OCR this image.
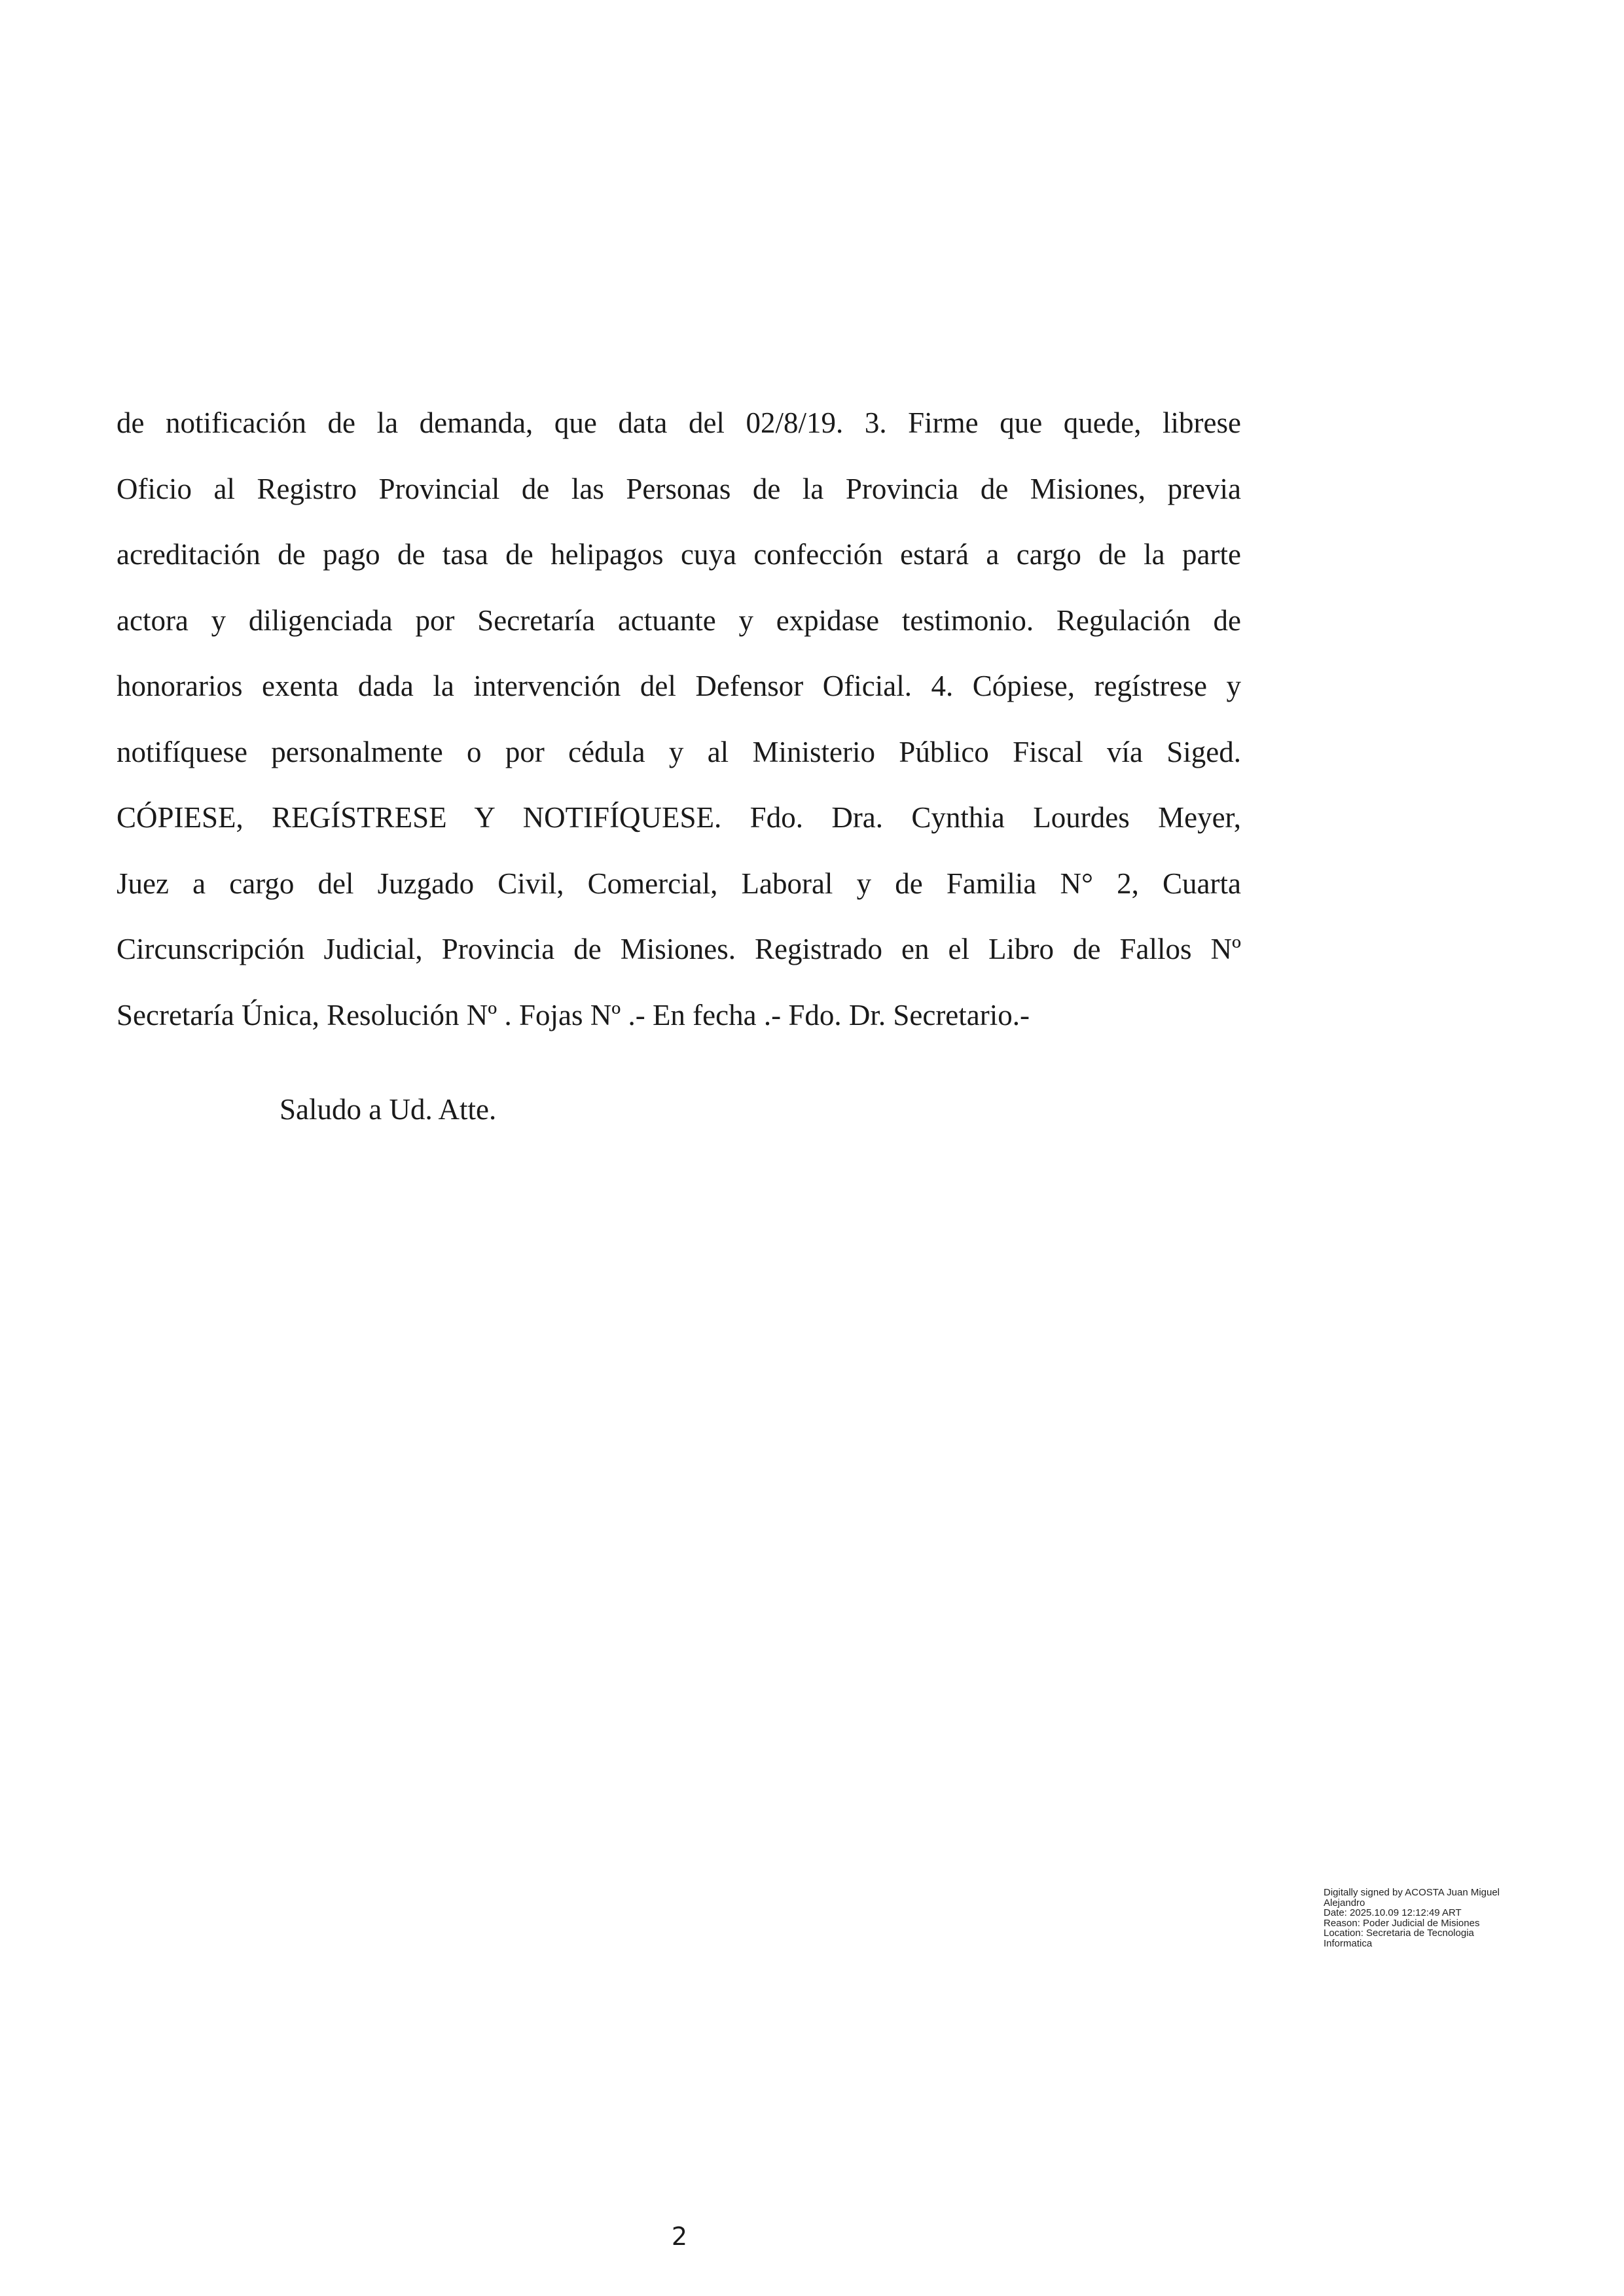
de notificación de la demanda, que data del 02/8/19. 3. Firme que quede, librese
Oficio al Registro Provincial de las Personas de la Provincia de Misiones, previa
acreditación de pago de tasa de helipagos cuya confección estará a cargo de la parte
actora y diligenciada por Secretaría actuante y expidase testimonio. Regulación de
honorarios exenta dada la intervención del Defensor Oficial. 4. Cópiese, regístrese y
notifíquese personalmente o por cédula y al Ministerio Público Fiscal vía Siged.
CÓPIESE, REGÍSTRESE Y NOTIFÍQUESE. Fdo. Dra. Cynthia Lourdes Meyer,
Juez a cargo del Juzgado Civil, Comercial, Laboral y de Familia N° 2, Cuarta
Circunscripción Judicial, Provincia de Misiones. Registrado en el Libro de Fallos Nº
Secretaría Única, Resolución Nº . Fojas Nº .- En fecha .- Fdo. Dr. Secretario.-

Saludo a Ud. Atte.

Digitally signed by ACOSTA Juan Miguel
Alejandro
Date: 2025.10.09 12:12:49 ART
Reason: Poder Judicial de Misiones
Location: Secretaria de Tecnologia
Informatica
2
